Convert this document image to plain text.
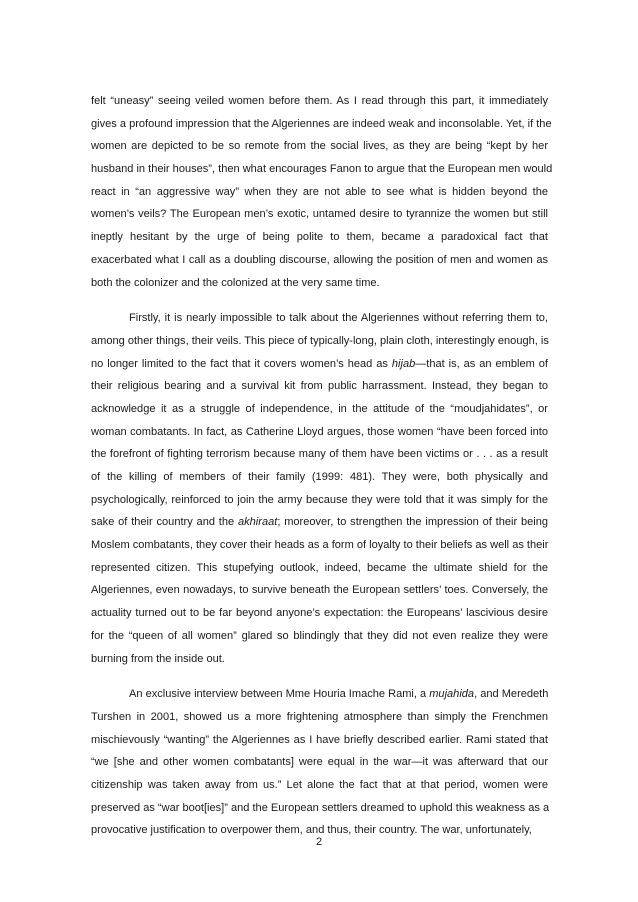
felt “uneasy” seeing veiled women before them. As I read through this part, it immediately
gives a profound impression that the Algeriennes are indeed weak and inconsolable. Yet, if the
women are depicted to be so remote from the social lives, as they are being “kept by her
husband in their houses”, then what encourages Fanon to argue that the European men would
react in “an aggressive way” when they are not able to see what is hidden beyond the
women’s veils? The European men’s exotic, untamed desire to tyrannize the women but still
ineptly hesitant by the urge of being polite to them, became a paradoxical fact that
exacerbated what I call as a doubling discourse, allowing the position of men and women as
both the colonizer and the colonized at the very same time.
Firstly, it is nearly impossible to talk about the Algeriennes without referring them to,
among other things, their veils. This piece of typically-long, plain cloth, interestingly enough, is
no longer limited to the fact that it covers women’s head as hijab—that is, as an emblem of
their religious bearing and a survival kit from public harrassment. Instead, they began to
acknowledge it as a struggle of independence, in the attitude of the “moudjahidates”, or
woman combatants. In fact, as Catherine Lloyd argues, those women “have been forced into
the forefront of fighting terrorism because many of them have been victims or . . . as a result
of the killing of members of their family (1999: 481). They were, both physically and
psychologically, reinforced to join the army because they were told that it was simply for the
sake of their country and the akhiraat; moreover, to strengthen the impression of their being
Moslem combatants, they cover their heads as a form of loyalty to their beliefs as well as their
represented citizen. This stupefying outlook, indeed, became the ultimate shield for the
Algeriennes, even nowadays, to survive beneath the European settlers’ toes. Conversely, the
actuality turned out to be far beyond anyone’s expectation: the Europeans’ lascivious desire
for the “queen of all women” glared so blindingly that they did not even realize they were
burning from the inside out.
An exclusive interview between Mme Houria Imache Rami, a mujahida, and Meredeth
Turshen in 2001, showed us a more frightening atmosphere than simply the Frenchmen
mischievously “wanting” the Algeriennes as I have briefly described earlier. Rami stated that
“we [she and other women combatants] were equal in the war—it was afterward that our
citizenship was taken away from us.” Let alone the fact that at that period, women were
preserved as “war boot[ies]” and the European settlers dreamed to uphold this weakness as a
provocative justification to overpower them, and thus, their country. The war, unfortunately,
2
